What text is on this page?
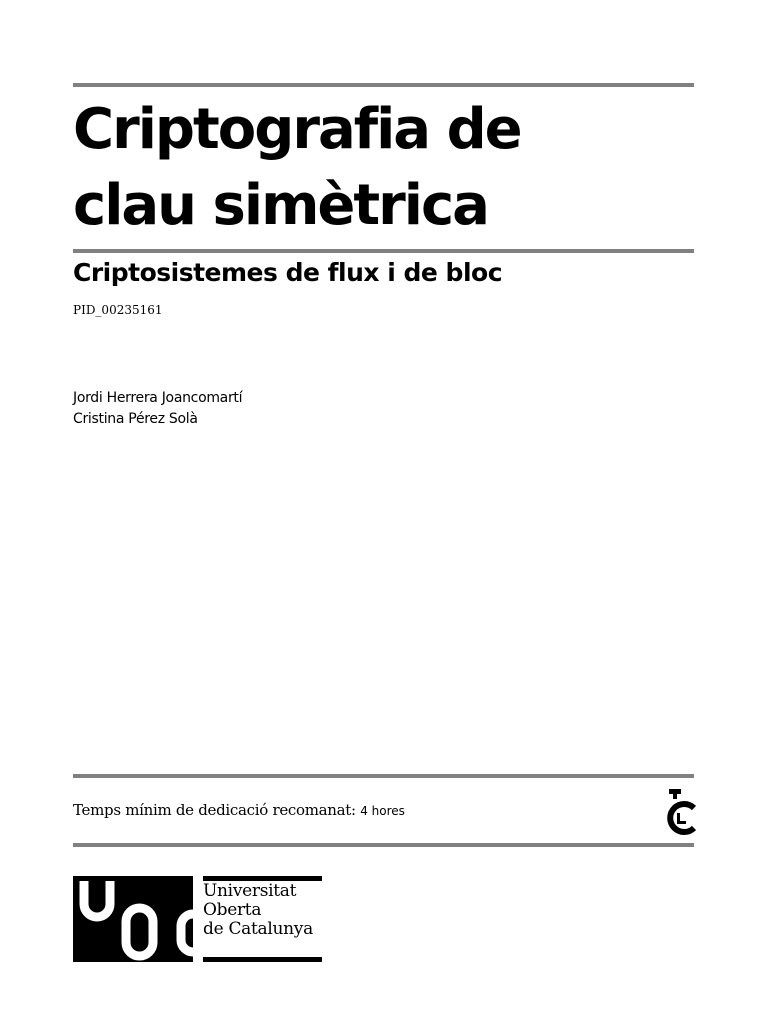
Criptografia de
clau simètrica
Criptosistemes de flux i de bloc
PID_00235161
Jordi Herrera Joancomartí
Cristina Pérez Solà
Temps mínim de dedicació recomanat: 4 hores
Universitat
Oberta
de Catalunya
